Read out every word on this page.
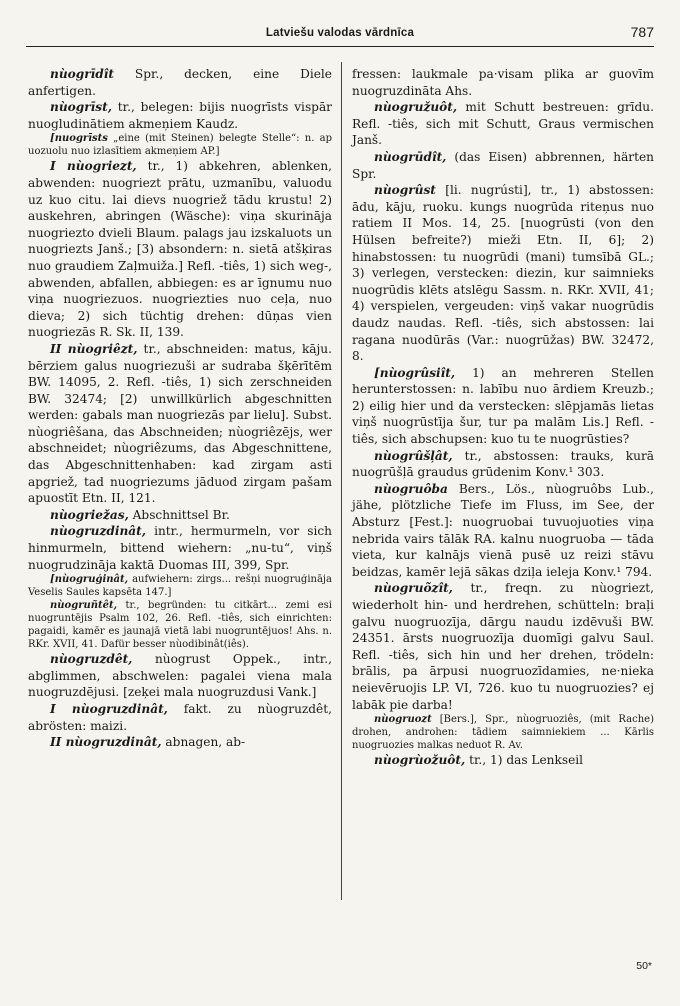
Latviešu valodas vārdnīca	787

nùogrīdît Spr., decken, eine Diele anfertigen.

nùogrīst, tr., belegen: bijis nuogrīsts vispār nuogludinātiem akmeņiem Kaudz.

[nuogrīsts „eine (mit Steinen) belegte Stelle“: n. ap uozuolu nuo izlasītiem akmeņiem AP.]

I nùogriezt, tr., 1) abkehren, ablenken, abwenden: nuogriezt prātu, uzmanību, valuodu uz kuo citu. lai dievs nuogriež tādu krustu! 2) auskehren, abringen (Wäsche): viņa skurināja nuogriezto dvieli Blaum. palags jau izskaluots un nuogriezts Janš.; [3) absondern: n. sietā atšķiras nuo graudiem Zaļmuiža.] Refl. -tiês, 1) sich weg-, abwenden, abfallen, abbiegen: es ar īgnumu nuo viņa nuogriezuos. nuogriezties nuo ceļa, nuo dieva; 2) sich tüchtig drehen: dūņas vien nuogriezās R. Sk. II, 139.

II nùogriêzt, tr., abschneiden: matus, kāju. bērziem galus nuogriezuši ar sudraba šķērītēm BW. 14095, 2. Refl. -tiês, 1) sich zerschneiden BW. 32474; [2) unwillkürlich abgeschnitten werden: gabals man nuogriezās par lielu]. Subst. nùogriêšana, das Abschneiden; nùogriêzējs, wer abschneidet; nùogriêzums, das Abgeschnittene, das Abgeschnittenhaben: kad zirgam asti apgriež, tad nuogriezums jāduod zirgam pašam apuostīt Etn. II, 121.

nùogriežas, Abschnittsel Br.

nùogruzdinât, intr., hermurmeln, vor sich hinmurmeln, bittend wiehern: „nu-tu“, viņš nuogrudzināja kaktā Duomas III, 399, Spr.

[nùogruģinât, aufwiehern: zirgs... rešņi nuogruģināja Veselis Saules kapsēta 147.]

nùogruñtêt, tr., begründen: tu citkārt... zemi esi nuogruntējis Psalm 102, 26. Refl. -tiês, sich einrichten: pagaidi, kamēr es jaunajā vietā labi nuogruntējuos! Ahs. n. RKr. XVII, 41. Dafür besser nùodibinât(iês).

nùogruzdêt, nùogrust Oppek., intr., abglimmen, abschwelen: pagalei viena mala nuogruzdējusi. [zeķei mala nuogruzdusi Vank.]

I nùogruzdinât, fakt. zu nùogruzdêt, abrösten: maizi.

II nùogruzdinât, abnagen, ab-

fressen: laukmale pa·visam plika ar guovīm nuogruzdināta Ahs.

nùogružuôt, mit Schutt bestreuen: grīdu. Refl. -tiês, sich mit Schutt, Graus vermischen Janš.

nùogrūdît, (das Eisen) abbrennen, härten Spr.

nùogrûst [li. nugrústi], tr., 1) abstossen: ādu, kāju, ruoku. kungs nuogrūda riteņus nuo ratiem II Mos. 14, 25. [nuogrūsti (von den Hülsen befreite?) mieži Etn. II, 6]; 2) hinabstossen: tu nuogrūdi (mani) tumsībā GL.; 3) verlegen, verstecken: diezin, kur saimnieks nuogrūdis klēts atslēgu Sassm. n. RKr. XVII, 41; 4) verspielen, vergeuden: viņš vakar nuogrūdis daudz naudas. Refl. -tiês, sich abstossen: lai ragana nuodūrās (Var.: nuogrūžas) BW. 32472, 8.

[nùogrûsiît, 1) an mehreren Stellen herunterstossen: n. labību nuo ārdiem Kreuzb.; 2) eilig hier und da verstecken: slēpjamās lietas viņš nuogrūstīja šur, tur pa malām Lis.] Refl. -tiês, sich abschupsen: kuo tu te nuogrūsties?

nùogrûšļât, tr., abstossen: trauks, kurā nuogrūšļā graudus grūdenim Konv.¹ 303.

nùogruôba Bers., Lös., nùogruôbs Lub., jähe, plötzliche Tiefe im Fluss, im See, der Absturz [Fest.]: nuogruobai tuvuojuoties viņa nebrida vairs tālāk RA. kalnu nuogruoba — tāda vieta, kur kalnājs vienā pusē uz reizi stāvu beidzas, kamēr lejā sākas dziļa ieleja Konv.¹ 794.

nùogruõzît, tr., freqn. zu nùogriezt, wiederholt hin- und herdrehen, schütteln: braļi galvu nuogruozīja, dārgu naudu izdēvuši BW. 24351. ārsts nuogruozīja duomīgi galvu Saul. Refl. -tiês, sich hin und her drehen, trödeln: brālis, pa ārpusi nuogruozīdamies, ne·nieka neievēruojis LP. VI, 726. kuo tu nuogruozies? ej labāk pie darba!

nùogruozt [Bers.], Spr., nùogruoziês, (mit Rache) drohen, androhen: tādiem saimniekiem ... Kārlis nuogruozies malkas neduot R. Av.

nùogrùožuôt, tr., 1) das Lenkseil

50*
